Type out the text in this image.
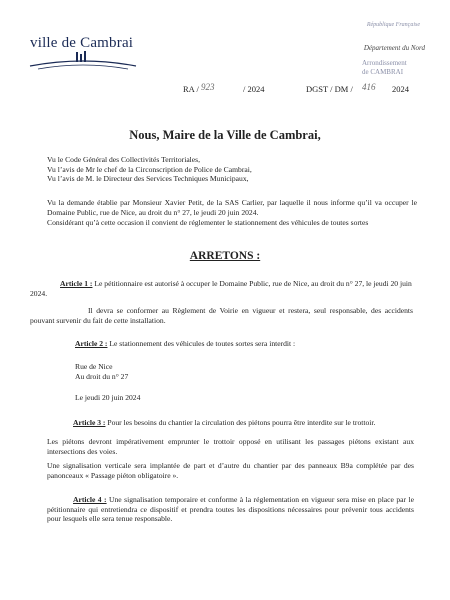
ville de Cambrai
République Française
Département du Nord
Arrondissement
de CAMBRAI
RA / 923	/ 2024	DGST / DM / 416 2024
Nous, Maire de la Ville de Cambrai,
Vu le Code Général des Collectivités Territoriales,
Vu l’avis de Mr le chef de la Circonscription de Police de Cambrai,
Vu l’avis de M. le Directeur des Services Techniques Municipaux,
Vu la demande établie par Monsieur Xavier Petit, de la SAS Carlier, par laquelle il nous informe qu’il va occuper le Domaine Public, rue de Nice, au droit du n° 27, le jeudi 20 juin 2024.
Considérant qu’à cette occasion il convient de réglementer le stationnement des véhicules de toutes sortes
ARRETONS :
Article 1 : Le pétitionnaire est autorisé à occuper le Domaine Public, rue de Nice, au droit du n° 27, le jeudi 20 juin 2024.
Il devra se conformer au Règlement de Voirie en vigueur et restera, seul responsable, des accidents pouvant survenir du fait de cette installation.
Article 2 : Le stationnement des véhicules de toutes sortes sera interdit :
Rue de Nice
Au droit du n° 27
Le jeudi 20 juin 2024
Article 3 : Pour les besoins du chantier la circulation des piétons pourra être interdite sur le trottoir.
Les piétons devront impérativement emprunter le trottoir opposé en utilisant les passages piétons existant aux intersections des voies.
Une signalisation verticale sera implantée de part et d’autre du chantier par des panneaux B9a complétée par des panonceaux « Passage piéton obligatoire ».
Article 4 : Une signalisation temporaire et conforme à la réglementation en vigueur sera mise en place par le pétitionnaire qui entretiendra ce dispositif et prendra toutes les dispositions nécessaires pour prévenir tous accidents pour lesquels elle sera tenue responsable.
